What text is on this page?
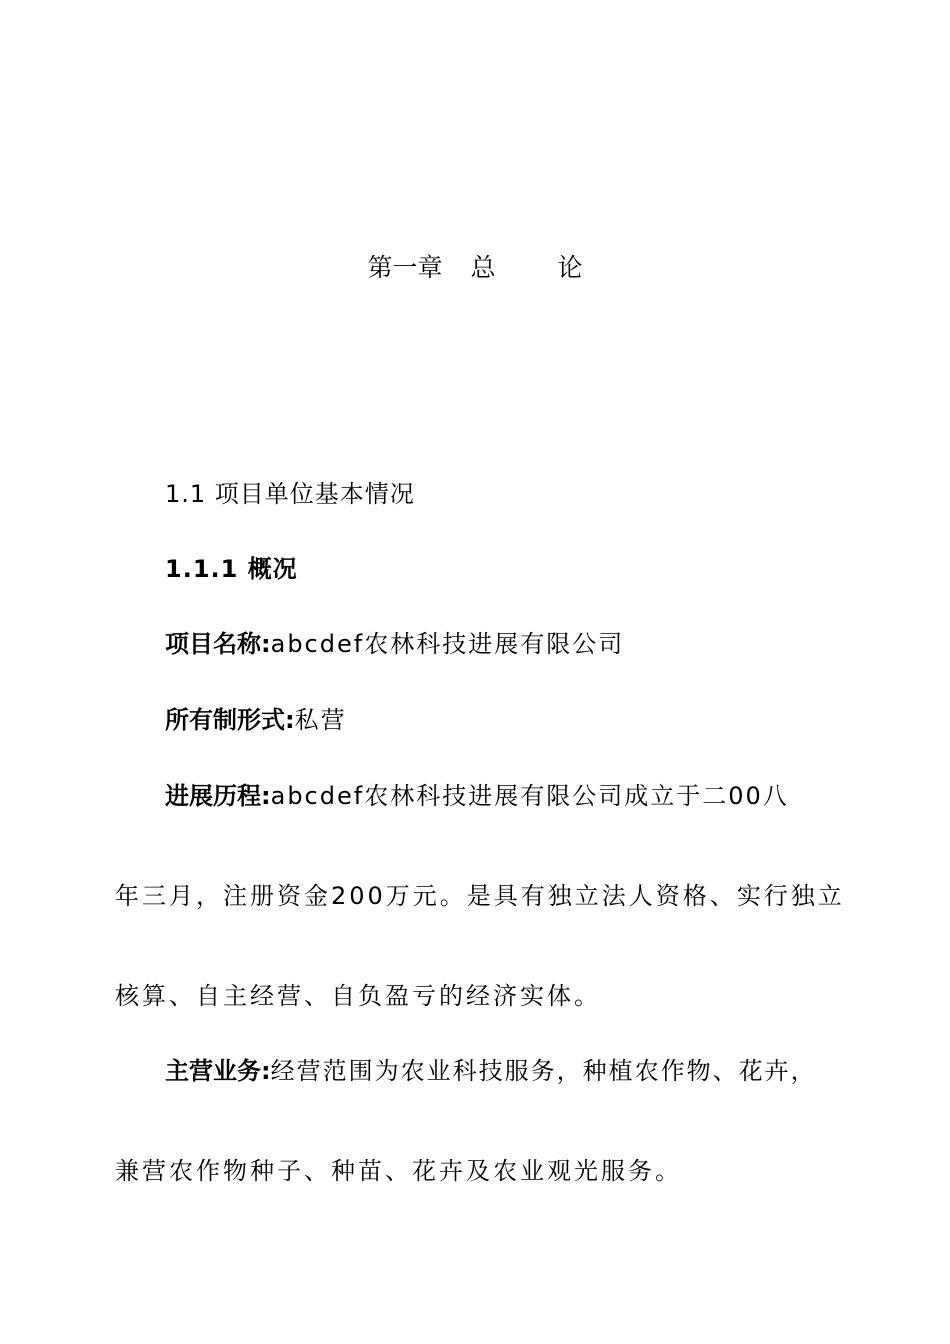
第一章 总 论
1.1 项目单位基本情况
1.1.1 概况
项目名称:abcdef农林科技进展有限公司
所有制形式:私营
进展历程:abcdef农林科技进展有限公司成立于二00八
年三月，注册资金200万元。是具有独立法人资格、实行独立
核算、自主经营、自负盈亏的经济实体。
主营业务:经营范围为农业科技服务，种植农作物、花卉，
兼营农作物种子、种苗、花卉及农业观光服务。
